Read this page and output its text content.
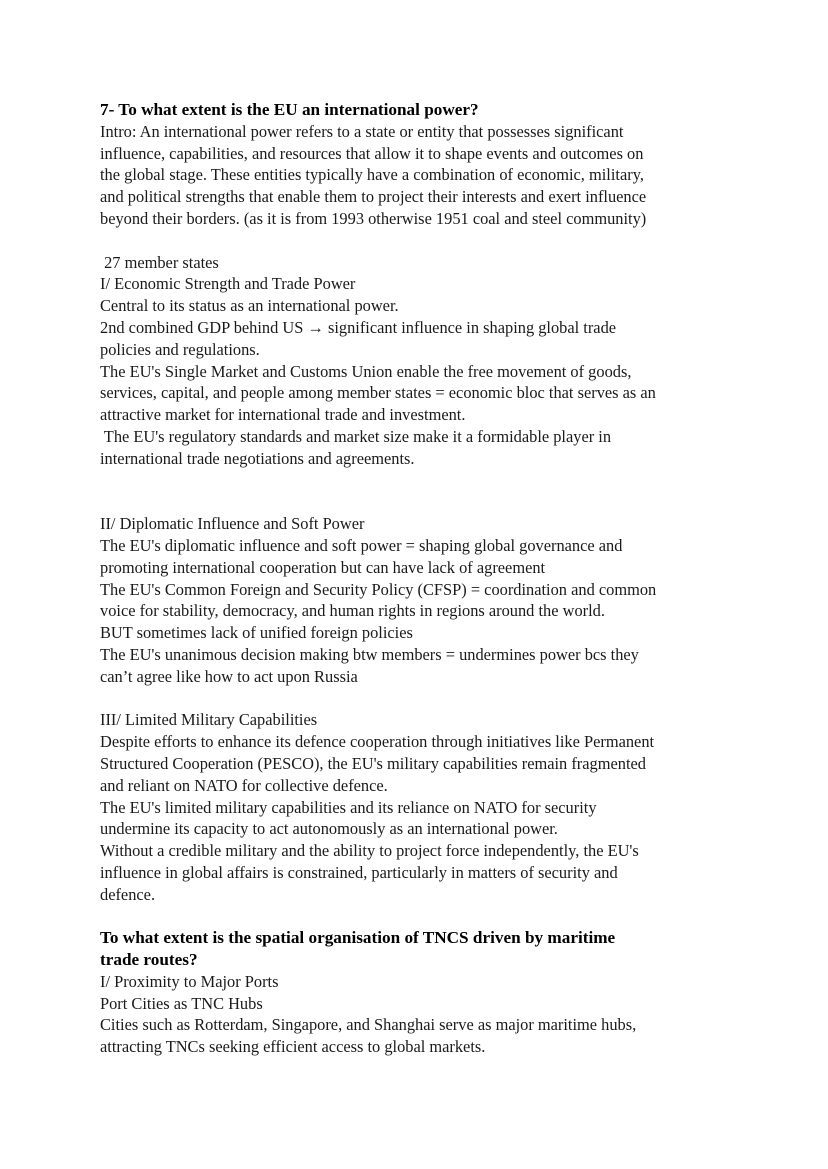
7- To what extent is the EU an international power?
Intro: An international power refers to a state or entity that possesses significant
influence, capabilities, and resources that allow it to shape events and outcomes on
the global stage. These entities typically have a combination of economic, military,
and political strengths that enable them to project their interests and exert influence
beyond their borders. (as it is from 1993 otherwise 1951 coal and steel community)
27 member states
I/ Economic Strength and Trade Power
Central to its status as an international power.
2nd combined GDP behind US → significant influence in shaping global trade
policies and regulations.
The EU's Single Market and Customs Union enable the free movement of goods,
services, capital, and people among member states = economic bloc that serves as an
attractive market for international trade and investment.
The EU's regulatory standards and market size make it a formidable player in
international trade negotiations and agreements.
II/ Diplomatic Influence and Soft Power
The EU's diplomatic influence and soft power = shaping global governance and
promoting international cooperation but can have lack of agreement
The EU's Common Foreign and Security Policy (CFSP) = coordination and common
voice for stability, democracy, and human rights in regions around the world.
BUT sometimes lack of unified foreign policies
The EU's unanimous decision making btw members = undermines power bcs they
can’t agree like how to act upon Russia
III/ Limited Military Capabilities
Despite efforts to enhance its defence cooperation through initiatives like Permanent
Structured Cooperation (PESCO), the EU's military capabilities remain fragmented
and reliant on NATO for collective defence.
The EU's limited military capabilities and its reliance on NATO for security
undermine its capacity to act autonomously as an international power.
Without a credible military and the ability to project force independently, the EU's
influence in global affairs is constrained, particularly in matters of security and
defence.
To what extent is the spatial organisation of TNCS driven by maritime
trade routes?
I/ Proximity to Major Ports
Port Cities as TNC Hubs
Cities such as Rotterdam, Singapore, and Shanghai serve as major maritime hubs,
attracting TNCs seeking efficient access to global markets.
